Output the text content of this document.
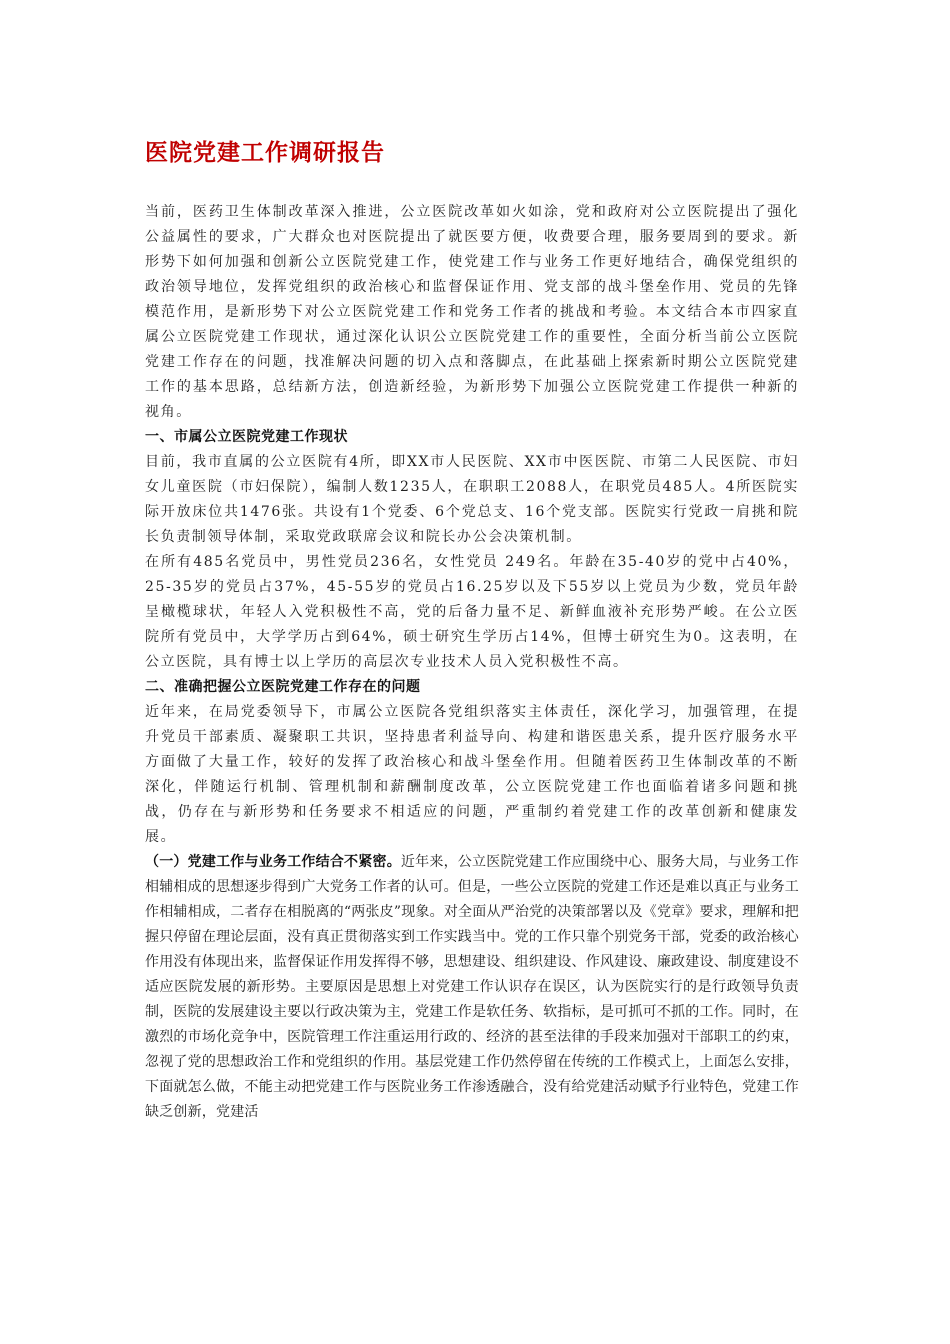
医院党建工作调研报告

当前，医药卫生体制改革深入推进，公立医院改革如火如涂，党和政府对公立医院提出了强化公益属性的要求，广大群众也对医院提出了就医要方便，收费要合理，服务要周到的要求。新形势下如何加强和创新公立医院党建工作，使党建工作与业务工作更好地结合，确保党组织的政治领导地位，发挥党组织的政治核心和监督保证作用、党支部的战斗堡垒作用、党员的先锋模范作用，是新形势下对公立医院党建工作和党务工作者的挑战和考验。本文结合本市四家直属公立医院党建工作现状，通过深化认识公立医院党建工作的重要性，全面分析当前公立医院党建工作存在的问题，找准解决问题的切入点和落脚点，在此基础上探索新时期公立医院党建工作的基本思路，总结新方法，创造新经验，为新形势下加强公立医院党建工作提供一种新的视角。

一、市属公立医院党建工作现状

目前，我市直属的公立医院有4所，即XX市人民医院、XX市中医医院、市第二人民医院、市妇女儿童医院（市妇保院），编制人数1235人，在职职工2088人，在职党员485人。4所医院实际开放床位共1476张。共设有1个党委、6个党总支、16个党支部。医院实行党政一肩挑和院长负责制领导体制，采取党政联席会议和院长办公会决策机制。

在所有485名党员中，男性党员236名，女性党员 249名。年龄在35-40岁的党中占40%，25-35岁的党员占37%，45-55岁的党员占16.25岁以及下55岁以上党员为少数，党员年龄呈橄榄球状，年轻人入党积极性不高，党的后备力量不足、新鲜血液补充形势严峻。在公立医院所有党员中，大学学历占到64%，硕士研究生学历占14%，但博士研究生为0。这表明，在公立医院，具有博士以上学历的高层次专业技术人员入党积极性不高。

二、准确把握公立医院党建工作存在的问题

近年来，在局党委领导下，市属公立医院各党组织落实主体责任，深化学习，加强管理，在提升党员干部素质、凝聚职工共识，坚持患者利益导向、构建和谐医患关系，提升医疗服务水平方面做了大量工作，较好的发挥了政治核心和战斗堡垒作用。但随着医药卫生体制改革的不断深化，伴随运行机制、管理机制和薪酬制度改革，公立医院党建工作也面临着诸多问题和挑战，仍存在与新形势和任务要求不相适应的问题，严重制约着党建工作的改革创新和健康发展。

（一）党建工作与业务工作结合不紧密。近年来，公立医院党建工作应围绕中心、服务大局，与业务工作相辅相成的思想逐步得到广大党务工作者的认可。但是，一些公立医院的党建工作还是难以真正与业务工作相辅相成，二者存在相脱离的“两张皮”现象。对全面从严治党的决策部署以及《党章》要求，理解和把握只停留在理论层面，没有真正贯彻落实到工作实践当中。党的工作只靠个别党务干部，党委的政治核心作用没有体现出来，监督保证作用发挥得不够，思想建设、组织建设、作风建设、廉政建设、制度建设不适应医院发展的新形势。主要原因是思想上对党建工作认识存在误区，认为医院实行的是行政领导负责制，医院的发展建设主要以行政决策为主，党建工作是软任务、软指标，是可抓可不抓的工作。同时，在激烈的市场化竞争中，医院管理工作注重运用行政的、经济的甚至法律的手段来加强对干部职工的约束，忽视了党的思想政治工作和党组织的作用。基层党建工作仍然停留在传统的工作模式上，上面怎么安排，下面就怎么做，不能主动把党建工作与医院业务工作渗透融合，没有给党建活动赋予行业特色，党建工作缺乏创新，党建活
